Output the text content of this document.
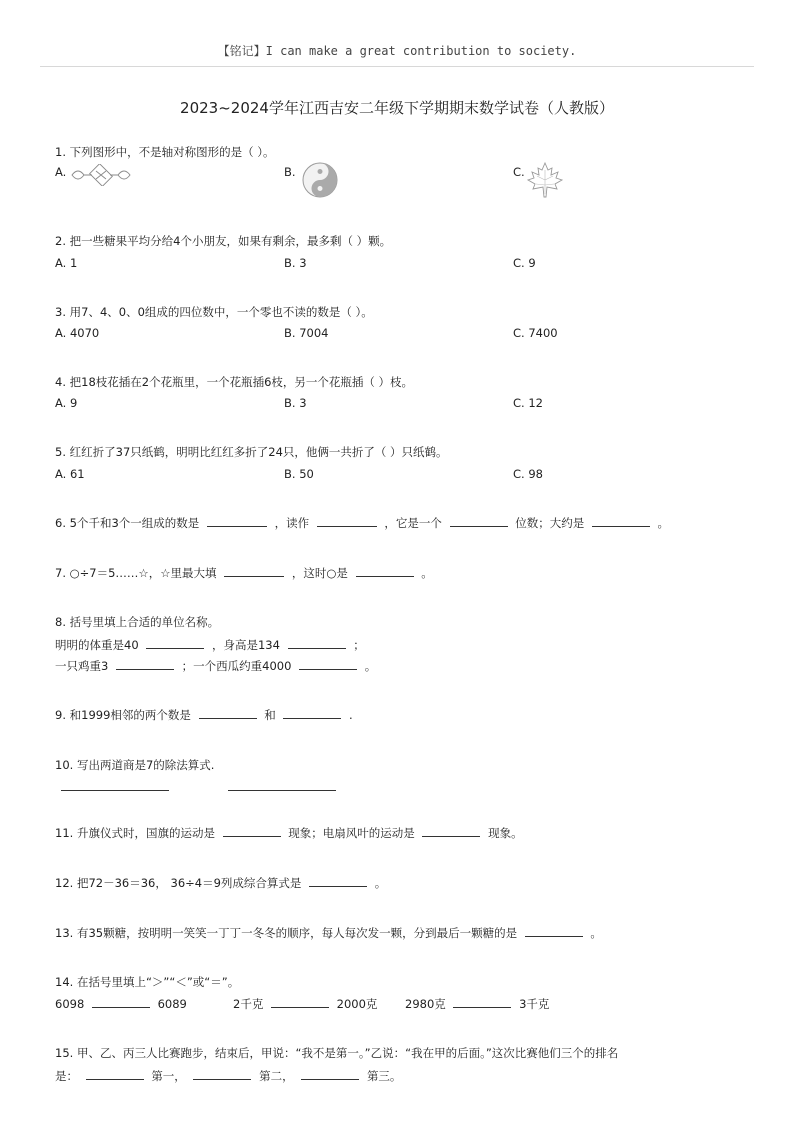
【铭记】I can make a great contribution to society.
2023~2024学年江西吉安二年级下学期期末数学试卷（人教版）
1. 下列图形中，不是轴对称图形的是（ ）。
A.	B.	C.
2. 把一些糖果平均分给4个小朋友，如果有剩余，最多剩（ ）颗。
A. 1	B. 3	C. 9
3. 用7、4、0、0组成的四位数中，一个零也不读的数是（ ）。
A. 4070	B. 7004	C. 7400
4. 把18枝花插在2个花瓶里，一个花瓶插6枝，另一个花瓶插（ ）枝。
A. 9	B. 3	C. 12
5. 红红折了37只纸鹤，明明比红红多折了24只，他俩一共折了（ ）只纸鹤。
A. 61	B. 50	C. 98
6. 5个千和3个一组成的数是	，读作	，它是一个	位数；大约是	。
7. ○÷7＝5……☆，☆里最大填	，这时○是	。
8. 括号里填上合适的单位名称。
明明的体重是40	，身高是134	；
一只鸡重3	；一个西瓜约重4000	。
9. 和1999相邻的两个数是	和	.
10. 写出两道商是7的除法算式.
11. 升旗仪式时，国旗的运动是	现象；电扇风叶的运动是	现象。
12. 把72－36＝36， 36÷4＝9列成综合算式是	。
13. 有35颗糖，按明明一笑笑一丁丁一冬冬的顺序，每人每次发一颗，分到最后一颗糖的是	。
14. 在括号里填上“＞”“＜”或“＝”。
6098	6089	2千克	2000克 2980克	3千克
15. 甲、乙、丙三人比赛跑步，结束后，甲说：“我不是第一。”乙说：“我在甲的后面。”这次比赛他们三个的排名
是：	第一，	第二，	第三。
